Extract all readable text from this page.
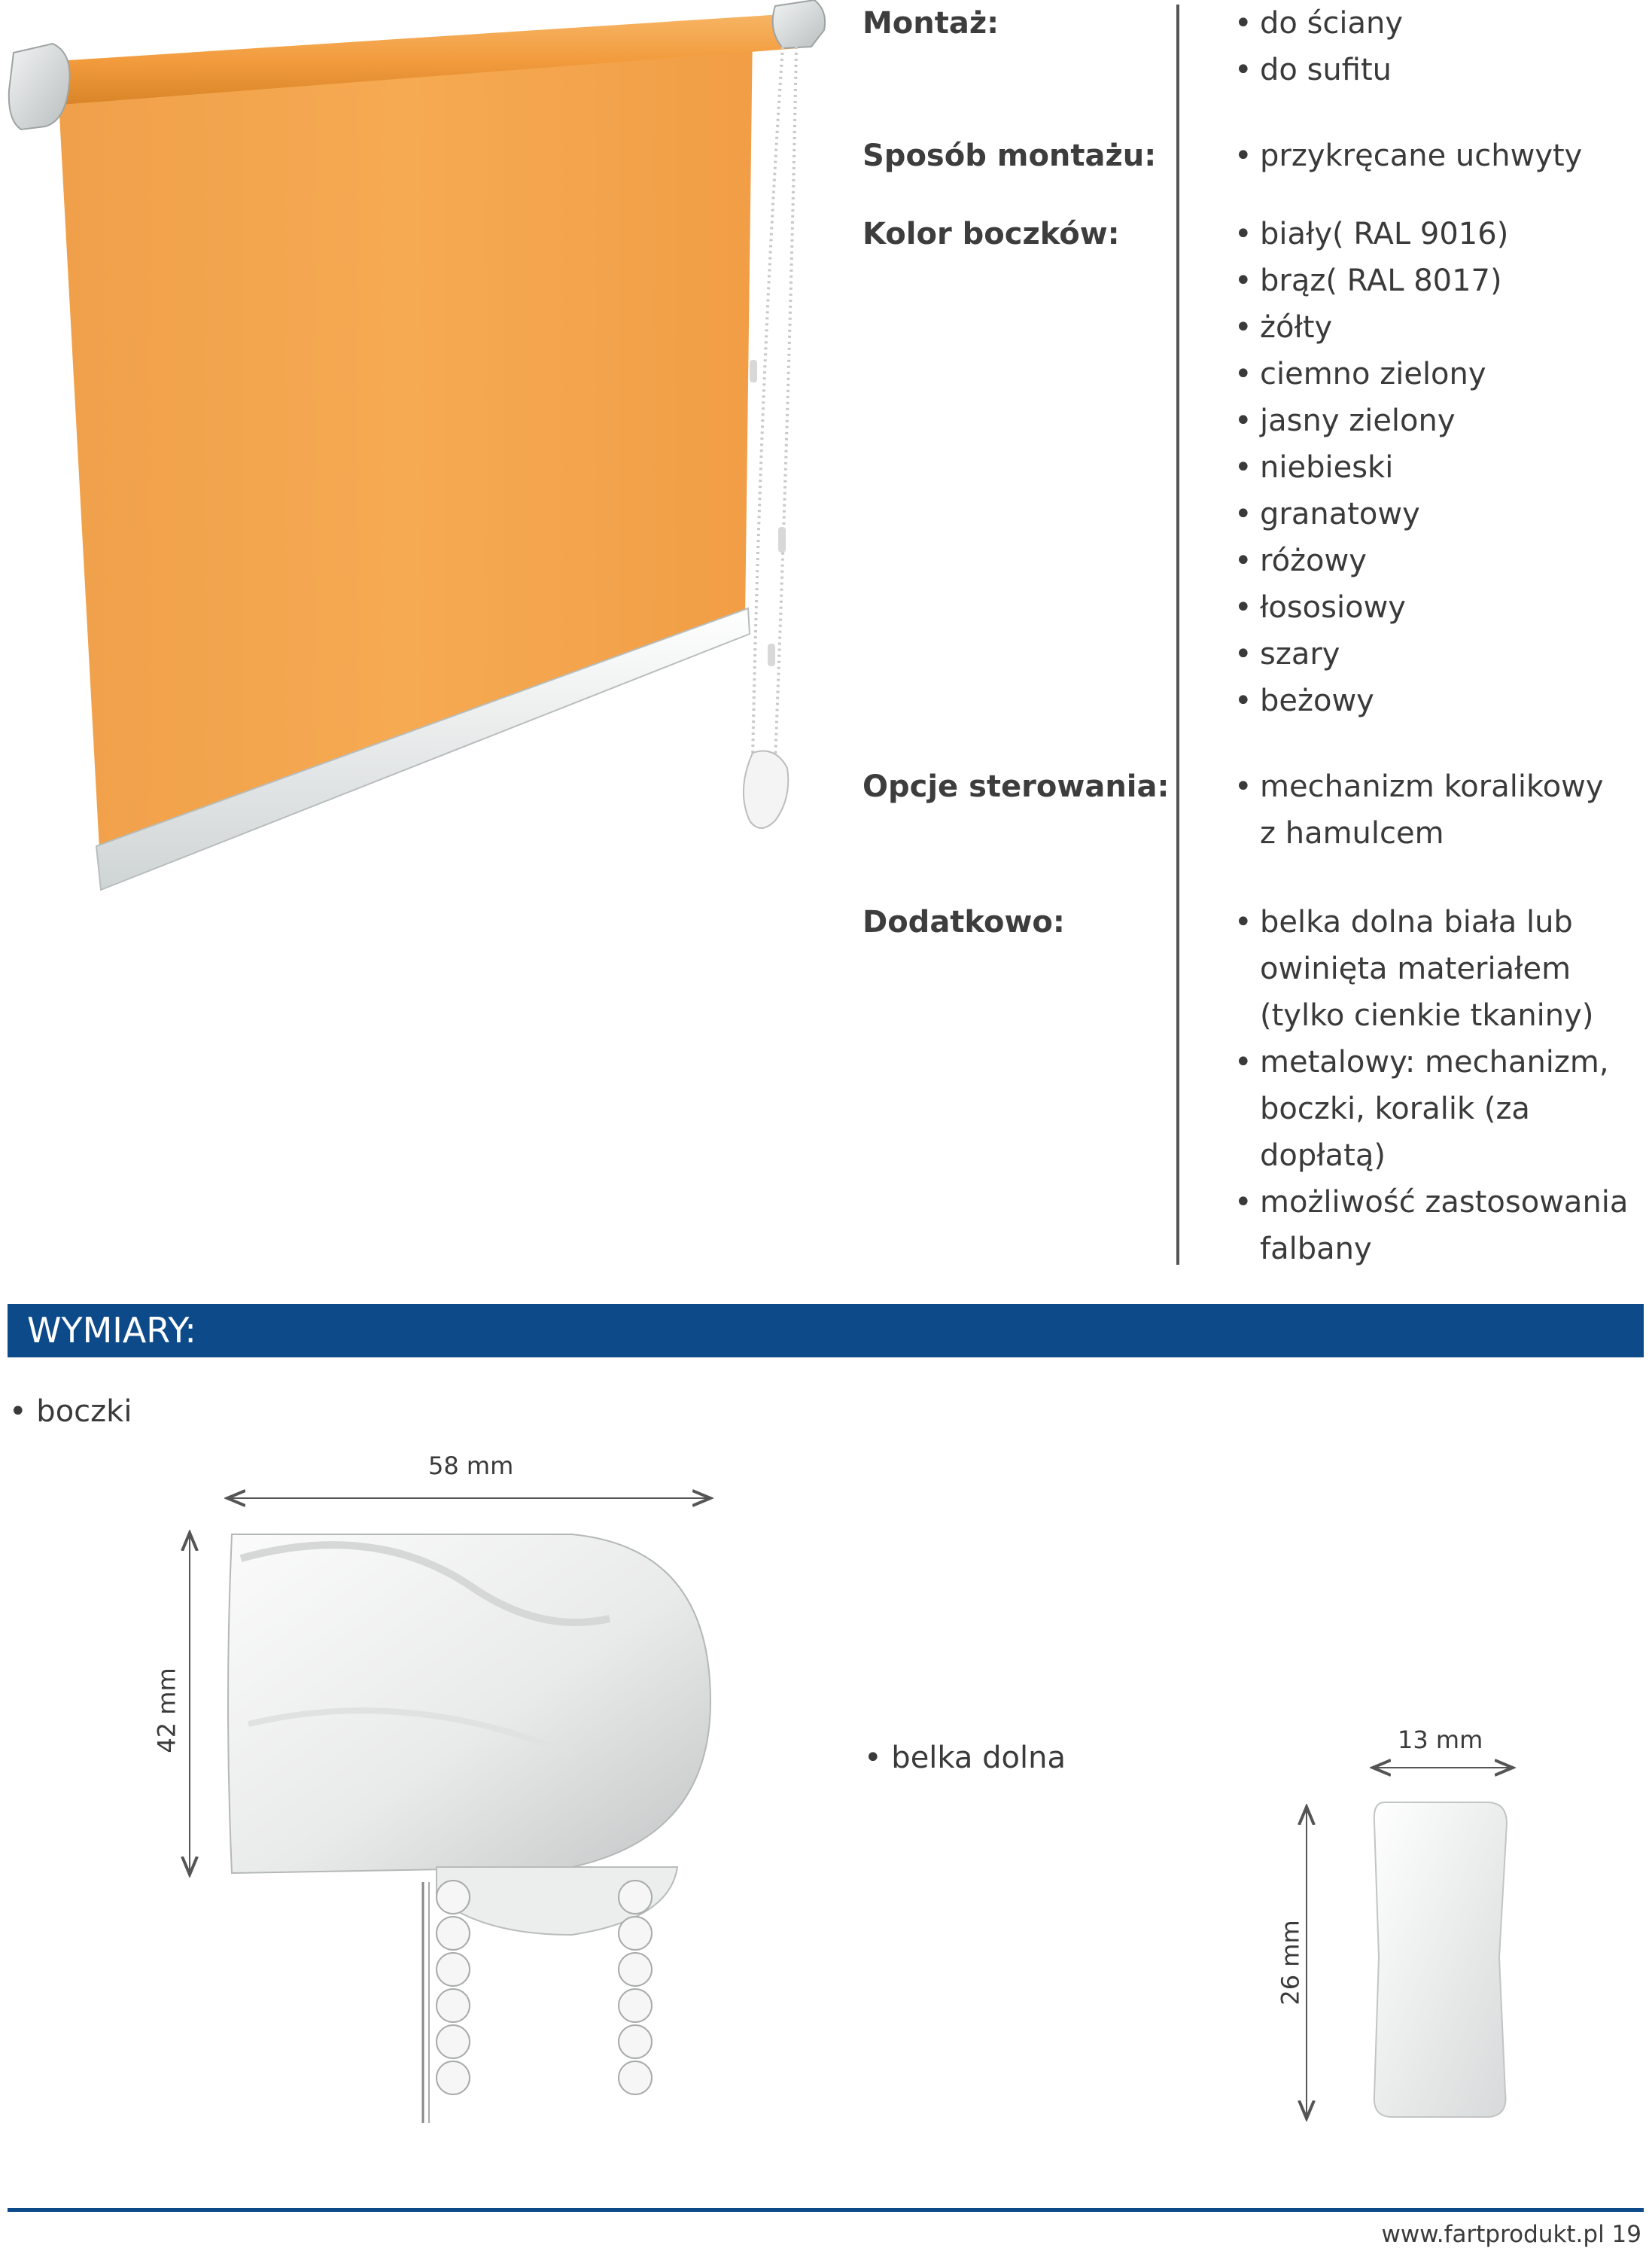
Montaż:
Sposób montażu:
Kolor boczków:
Opcje sterowania:
Dodatkowo:
• do ściany
• do sufitu
• przykręcane uchwyty
• biały( RAL 9016)
• brąz( RAL 8017)
• żółty
• ciemno zielony
• jasny zielony
• niebieski
• granatowy
• różowy
• łososiowy
• szary
• beżowy
• mechanizm koralikowy
z hamulcem
• belka dolna biała lub
owinięta materiałem
(tylko cienkie tkaniny)
• metalowy: mechanizm,
boczki, koralik (za
dopłatą)
• możliwość zastosowania
falbany
WYMIARY:
• boczki
58 mm
42 mm
• belka dolna
13 mm
26 mm
www.fartprodukt.pl 19
